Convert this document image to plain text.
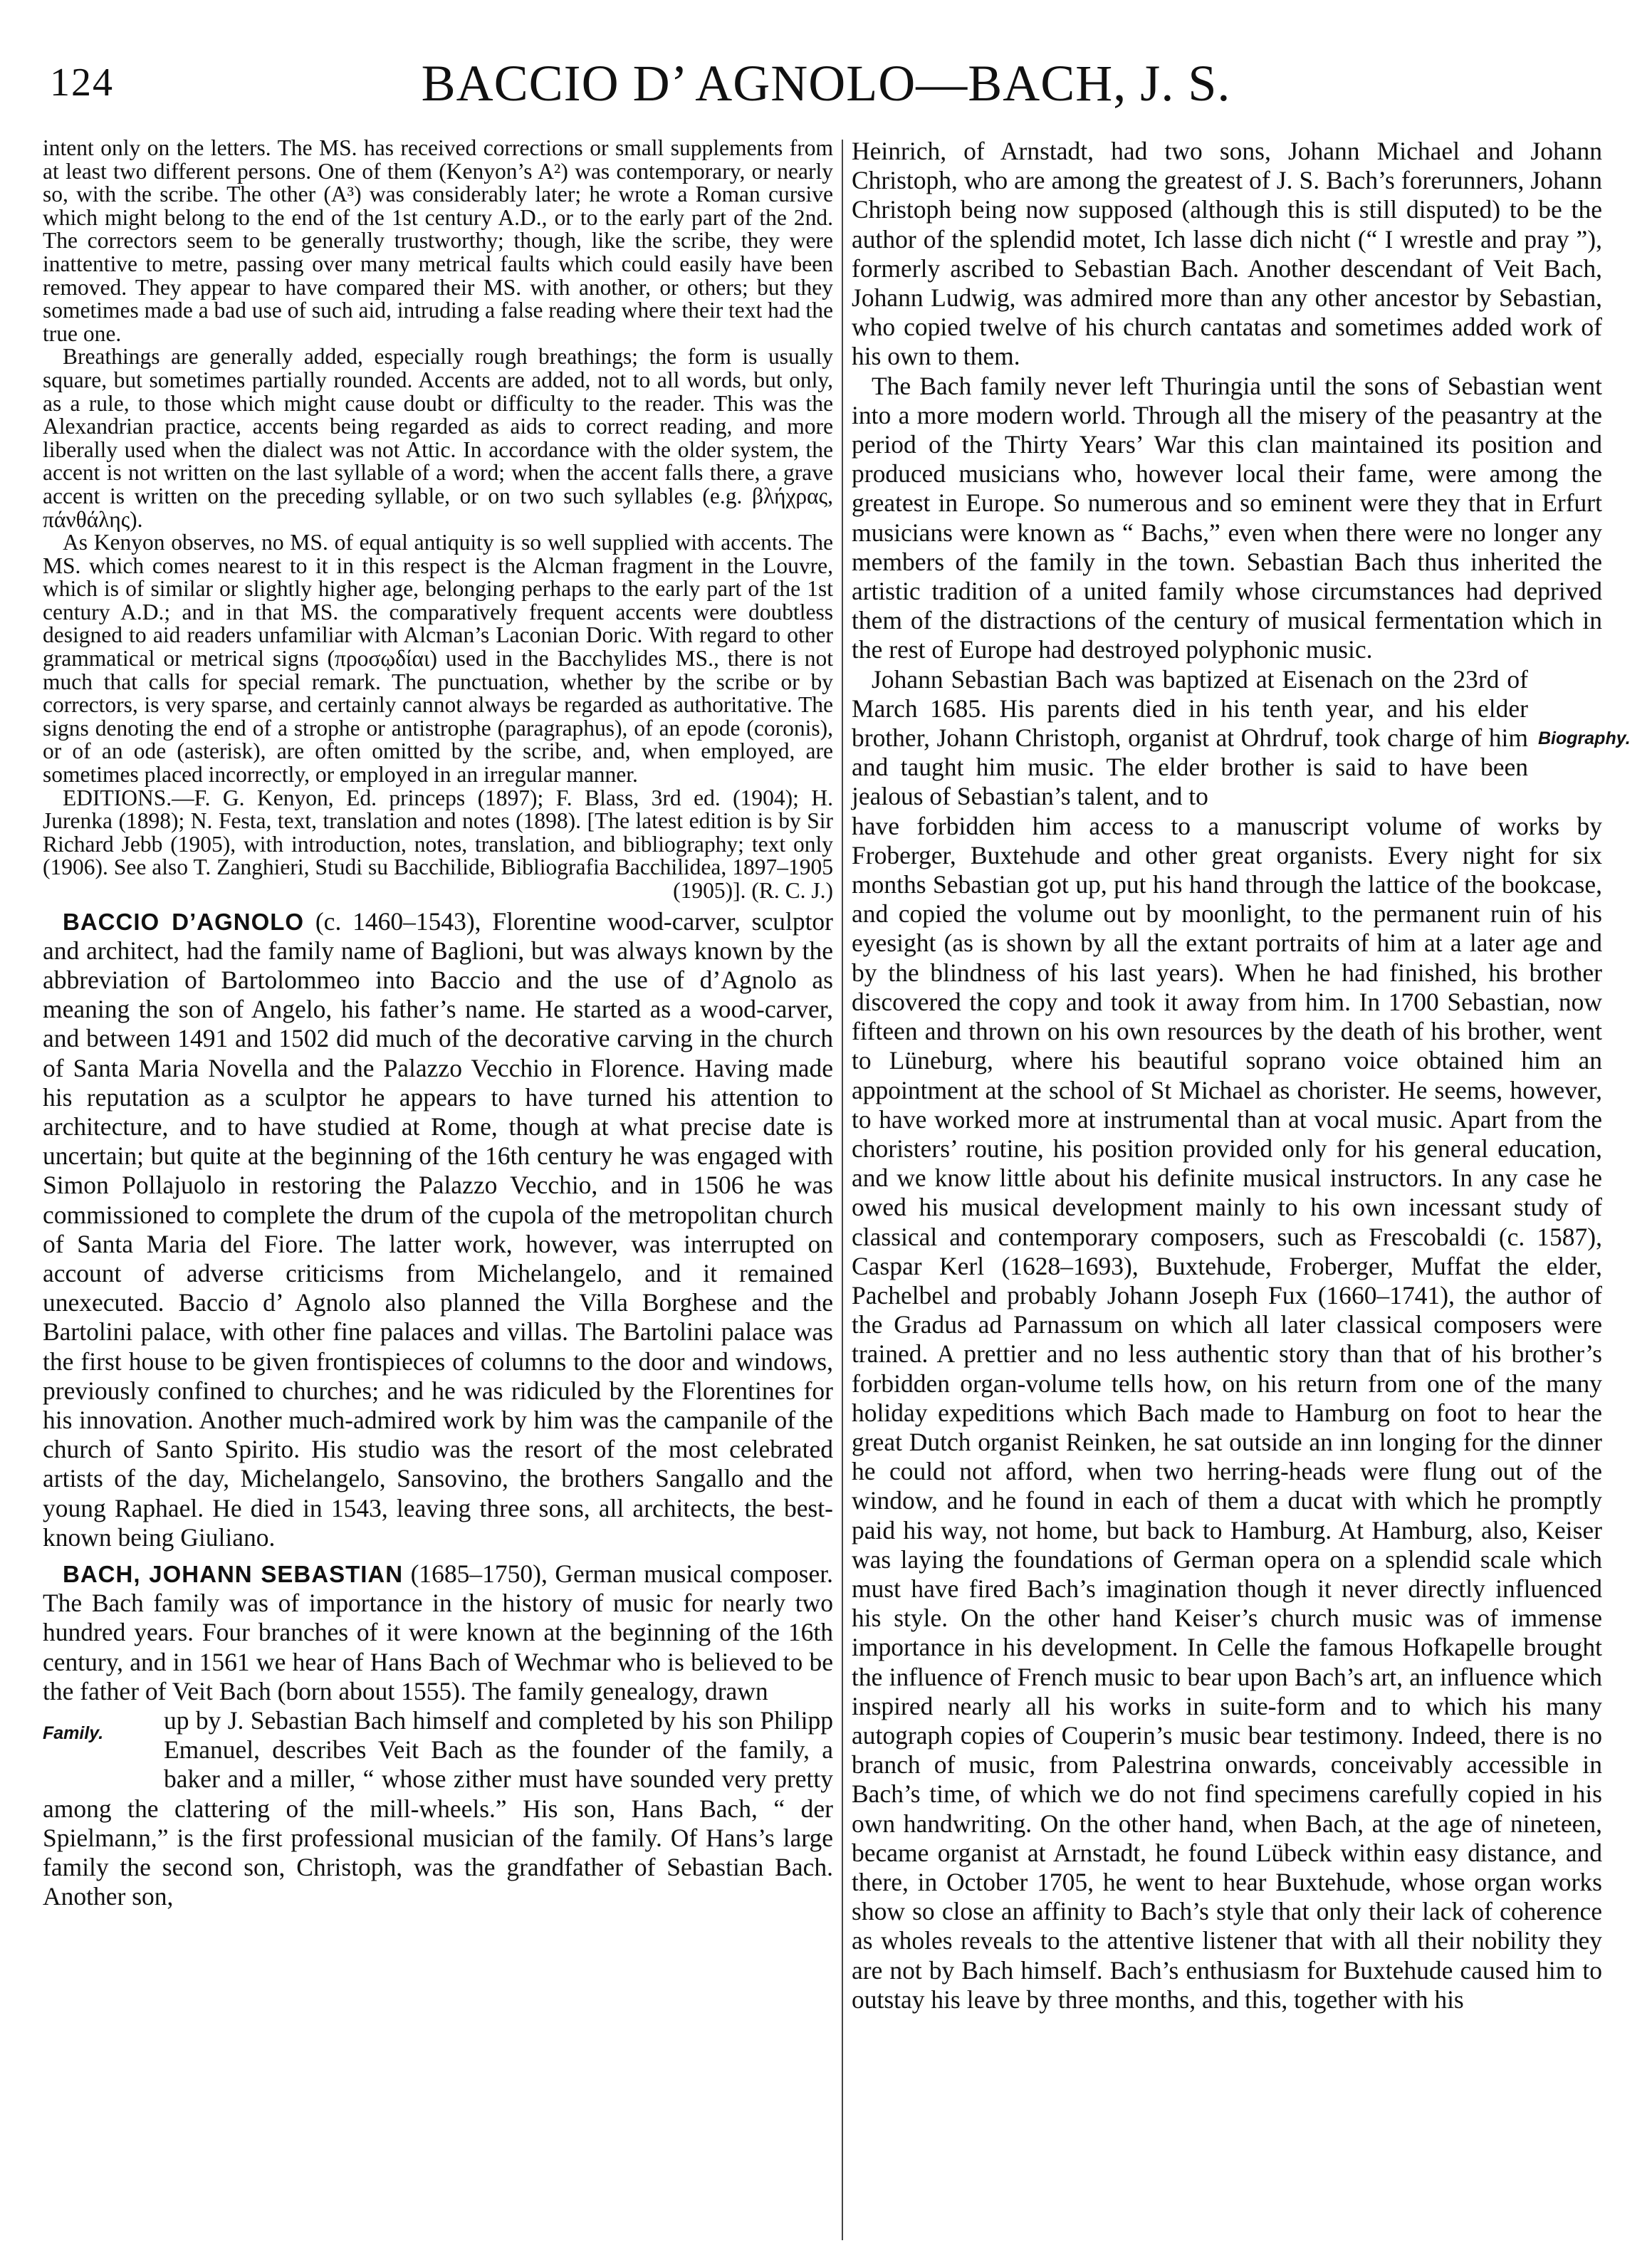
124	BACCIO D’ AGNOLO—BACH, J. S.

intent only on the letters. The MS. has received corrections or small supplements from at least two different persons. One of them (Kenyon’s A²) was contemporary, or nearly so, with the scribe. The other (A³) was considerably later; he wrote a Roman cursive which might belong to the end of the 1st century A.D., or to the early part of the 2nd. The correctors seem to be generally trustworthy; though, like the scribe, they were inattentive to metre, passing over many metrical faults which could easily have been removed. They appear to have compared their MS. with another, or others; but they sometimes made a bad use of such aid, intruding a false reading where their text had the true one.

Breathings are generally added, especially rough breathings; the form is usually square, but sometimes partially rounded. Accents are added, not to all words, but only, as a rule, to those which might cause doubt or difficulty to the reader. This was the Alexandrian practice, accents being regarded as aids to correct reading, and more liberally used when the dialect was not Attic. In accordance with the older system, the accent is not written on the last syllable of a word; when the accent falls there, a grave accent is written on the preceding syllable, or on two such syllables (e.g. βλήχρας, πάνθάλης).

As Kenyon observes, no MS. of equal antiquity is so well supplied with accents. The MS. which comes nearest to it in this respect is the Alcman fragment in the Louvre, which is of similar or slightly higher age, belonging perhaps to the early part of the 1st century A.D.; and in that MS. the comparatively frequent accents were doubtless designed to aid readers unfamiliar with Alcman’s Laconian Doric. With regard to other grammatical or metrical signs (προσῳδίαι) used in the Bacchylides MS., there is not much that calls for special remark. The punctuation, whether by the scribe or by correctors, is very sparse, and certainly cannot always be regarded as authoritative. The signs denoting the end of a strophe or antistrophe (paragraphus), of an epode (coronis), or of an ode (asterisk), are often omitted by the scribe, and, when employed, are sometimes placed incorrectly, or employed in an irregular manner.

EDITIONS.—F. G. Kenyon, Ed. princeps (1897); F. Blass, 3rd ed. (1904); H. Jurenka (1898); N. Festa, text, translation and notes (1898). [The latest edition is by Sir Richard Jebb (1905), with introduction, notes, translation, and bibliography; text only (1906). See also T. Zanghieri, Studi su Bacchilide, Bibliografia Bacchilidea, 1897–1905 (1905)]. (R. C. J.)

BACCIO D’AGNOLO (c. 1460–1543), Florentine wood-carver, sculptor and architect, had the family name of Baglioni, but was always known by the abbreviation of Bartolommeo into Baccio and the use of d’Agnolo as meaning the son of Angelo, his father’s name. He started as a wood-carver, and between 1491 and 1502 did much of the decorative carving in the church of Santa Maria Novella and the Palazzo Vecchio in Florence. Having made his reputation as a sculptor he appears to have turned his attention to architecture, and to have studied at Rome, though at what precise date is uncertain; but quite at the beginning of the 16th century he was engaged with Simon Pollajuolo in restoring the Palazzo Vecchio, and in 1506 he was commissioned to complete the drum of the cupola of the metropolitan church of Santa Maria del Fiore. The latter work, however, was interrupted on account of adverse criticisms from Michelangelo, and it remained unexecuted. Baccio d’ Agnolo also planned the Villa Borghese and the Bartolini palace, with other fine palaces and villas. The Bartolini palace was the first house to be given frontispieces of columns to the door and windows, previously confined to churches; and he was ridiculed by the Florentines for his innovation. Another much-admired work by him was the campanile of the church of Santo Spirito. His studio was the resort of the most celebrated artists of the day, Michelangelo, Sansovino, the brothers Sangallo and the young Raphael. He died in 1543, leaving three sons, all architects, the best-known being Giuliano.

BACH, JOHANN SEBASTIAN (1685–1750), German musical composer. The Bach family was of importance in the history of music for nearly two hundred years. Four branches of it were known at the beginning of the 16th century, and in 1561 we hear of Hans Bach of Wechmar who is believed to be the father of Veit Bach (born about 1555). The family genealogy, drawn

Family.	up by J. Sebastian Bach himself and completed by his son Philipp Emanuel, describes Veit Bach as the founder of the family, a baker and a miller, “ whose zither must have sounded very pretty among the clattering of the mill-wheels.” His son, Hans Bach, “ der Spielmann,” is the first professional musician of the family. Of Hans’s large family the second son, Christoph, was the grandfather of Sebastian Bach. Another son,

Heinrich, of Arnstadt, had two sons, Johann Michael and Johann Christoph, who are among the greatest of J. S. Bach’s forerunners, Johann Christoph being now supposed (although this is still disputed) to be the author of the splendid motet, Ich lasse dich nicht (“ I wrestle and pray ”), formerly ascribed to Sebastian Bach. Another descendant of Veit Bach, Johann Ludwig, was admired more than any other ancestor by Sebastian, who copied twelve of his church cantatas and sometimes added work of his own to them.

The Bach family never left Thuringia until the sons of Sebastian went into a more modern world. Through all the misery of the peasantry at the period of the Thirty Years’ War this clan maintained its position and produced musicians who, however local their fame, were among the greatest in Europe. So numerous and so eminent were they that in Erfurt musicians were known as “ Bachs,” even when there were no longer any members of the family in the town. Sebastian Bach thus inherited the artistic tradition of a united family whose circumstances had deprived them of the distractions of the century of musical fermentation which in the rest of Europe had destroyed polyphonic music.

Biography.

Johann Sebastian Bach was baptized at Eisenach on the 23rd of March 1685. His parents died in his tenth year, and his elder brother, Johann Christoph, organist at Ohrdruf, took charge of him and taught him music. The elder brother is said to have been jealous of Sebastian’s talent, and to

have forbidden him access to a manuscript volume of works by Froberger, Buxtehude and other great organists. Every night for six months Sebastian got up, put his hand through the lattice of the bookcase, and copied the volume out by moonlight, to the permanent ruin of his eyesight (as is shown by all the extant portraits of him at a later age and by the blindness of his last years). When he had finished, his brother discovered the copy and took it away from him. In 1700 Sebastian, now fifteen and thrown on his own resources by the death of his brother, went to Lüneburg, where his beautiful soprano voice obtained him an appointment at the school of St Michael as chorister. He seems, however, to have worked more at instrumental than at vocal music. Apart from the choristers’ routine, his position provided only for his general education, and we know little about his definite musical instructors. In any case he owed his musical development mainly to his own incessant study of classical and contemporary composers, such as Frescobaldi (c. 1587), Caspar Kerl (1628–1693), Buxtehude, Froberger, Muffat the elder, Pachelbel and probably Johann Joseph Fux (1660–1741), the author of the Gradus ad Parnassum on which all later classical composers were trained. A prettier and no less authentic story than that of his brother’s forbidden organ-volume tells how, on his return from one of the many holiday expeditions which Bach made to Hamburg on foot to hear the great Dutch organist Reinken, he sat outside an inn longing for the dinner he could not afford, when two herring-heads were flung out of the window, and he found in each of them a ducat with which he promptly paid his way, not home, but back to Hamburg. At Hamburg, also, Keiser was laying the foundations of German opera on a splendid scale which must have fired Bach’s imagination though it never directly influenced his style. On the other hand Keiser’s church music was of immense importance in his development. In Celle the famous Hofkapelle brought the influence of French music to bear upon Bach’s art, an influence which inspired nearly all his works in suite-form and to which his many autograph copies of Couperin’s music bear testimony. Indeed, there is no branch of music, from Palestrina onwards, conceivably accessible in Bach’s time, of which we do not find specimens carefully copied in his own handwriting. On the other hand, when Bach, at the age of nineteen, became organist at Arnstadt, he found Lübeck within easy distance, and there, in October 1705, he went to hear Buxtehude, whose organ works show so close an affinity to Bach’s style that only their lack of coherence as wholes reveals to the attentive listener that with all their nobility they are not by Bach himself. Bach’s enthusiasm for Buxtehude caused him to outstay his leave by three months, and this, together with his
